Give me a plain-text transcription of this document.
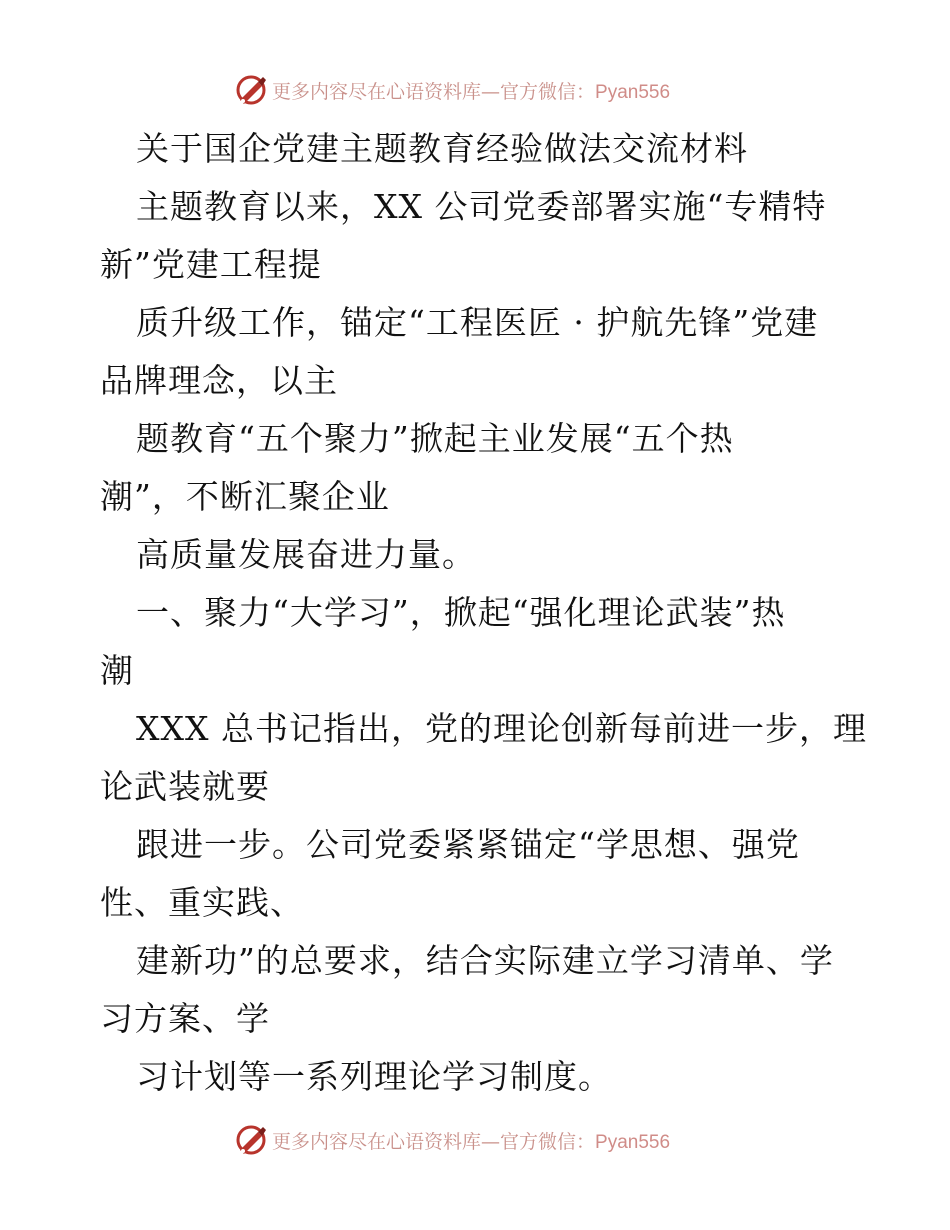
更多内容尽在心语资料库—官方微信：Pyan556
关于国企党建主题教育经验做法交流材料
主题教育以来，XX 公司党委部署实施“专精特
新”党建工程提
质升级工作，锚定“工程医匠 · 护航先锋”党建
品牌理念，以主
题教育“五个聚力”掀起主业发展“五个热
潮”，不断汇聚企业
高质量发展奋进力量。
一、聚力“大学习”，掀起“强化理论武装”热
潮
XXX 总书记指出，党的理论创新每前进一步，理
论武装就要
跟进一步。公司党委紧紧锚定“学思想、强党
性、重实践、
建新功”的总要求，结合实际建立学习清单、学
习方案、学
习计划等一系列理论学习制度。
更多内容尽在心语资料库—官方微信：Pyan556
